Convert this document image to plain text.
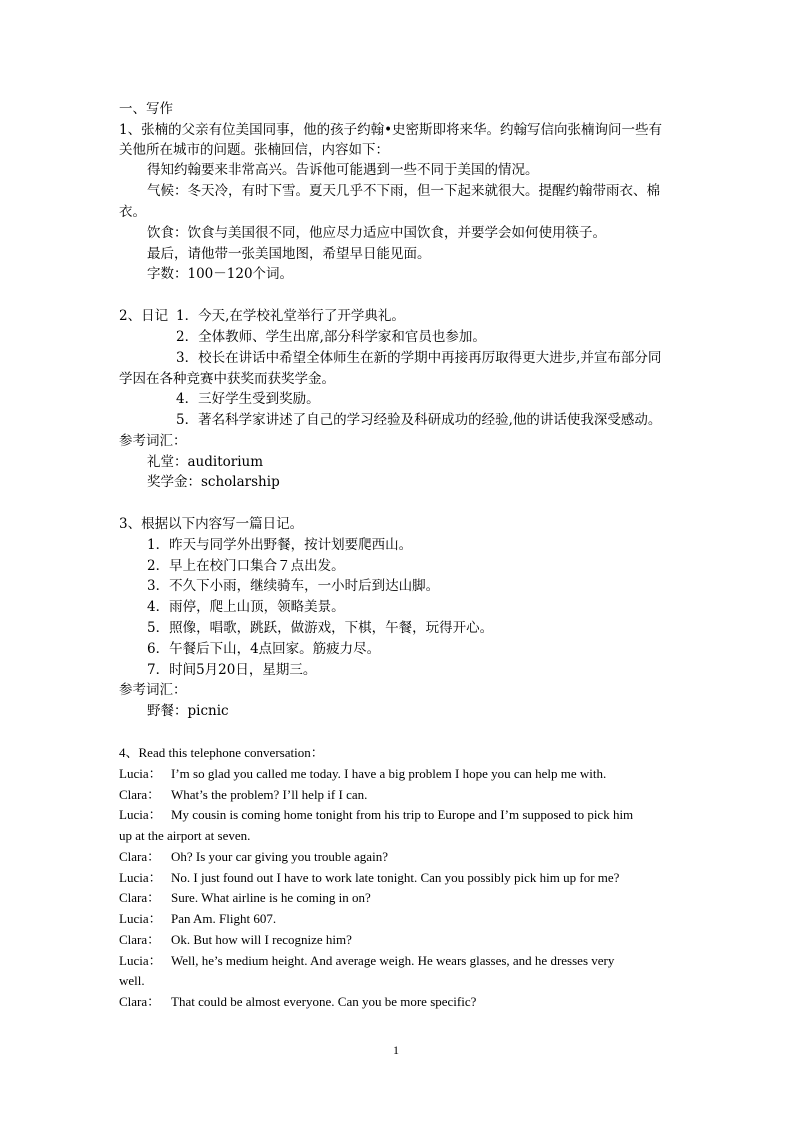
一、写作
1、张楠的父亲有位美国同事，他的孩子约翰•史密斯即将来华。约翰写信向张楠询问一些有
关他所在城市的问题。张楠回信，内容如下：
得知约翰要来非常高兴。告诉他可能遇到一些不同于美国的情况。
气候：冬天冷，有时下雪。夏天几乎不下雨，但一下起来就很大。提醒约翰带雨衣、棉
衣。
饮食：饮食与美国很不同，他应尽力适应中国饮食，并要学会如何使用筷子。
最后，请他带一张美国地图，希望早日能见面。
字数：100－120个词。
2、日记 1．今天,在学校礼堂举行了开学典礼。
2．全体教师、学生出席,部分科学家和官员也参加。
3．校长在讲话中希望全体师生在新的学期中再接再厉取得更大进步,并宣布部分同
学因在各种竞赛中获奖而获奖学金。
4．三好学生受到奖励。
5．著名科学家讲述了自己的学习经验及科研成功的经验,他的讲话使我深受感动。
参考词汇：
礼堂：auditorium
奖学金：scholarship
3、根据以下内容写一篇日记。
1．昨天与同学外出野餐，按计划要爬西山。
2．早上在校门口集合７点出发。
3．不久下小雨，继续骑车，一小时后到达山脚。
4．雨停，爬上山顶，领略美景。
5．照像，唱歌，跳跃，做游戏，下棋，午餐，玩得开心。
6．午餐后下山，4点回家。筋疲力尽。
7．时间5月20日，星期三。
参考词汇：
野餐：picnic
4、Read this telephone conversation：
Lucia： I’m so glad you called me today. I have a big problem I hope you can help me with.
Clara： What’s the problem? I’ll help if I can.
Lucia： My cousin is coming home tonight from his trip to Europe and I’m supposed to pick him
up at the airport at seven.
Clara： Oh? Is your car giving you trouble again?
Lucia： No. I just found out I have to work late tonight. Can you possibly pick him up for me?
Clara： Sure. What airline is he coming in on?
Lucia： Pan Am. Flight 607.
Clara： Ok. But how will I recognize him?
Lucia： Well, he’s medium height. And average weigh. He wears glasses, and he dresses very
well.
Clara： That could be almost everyone. Can you be more specific?
1
